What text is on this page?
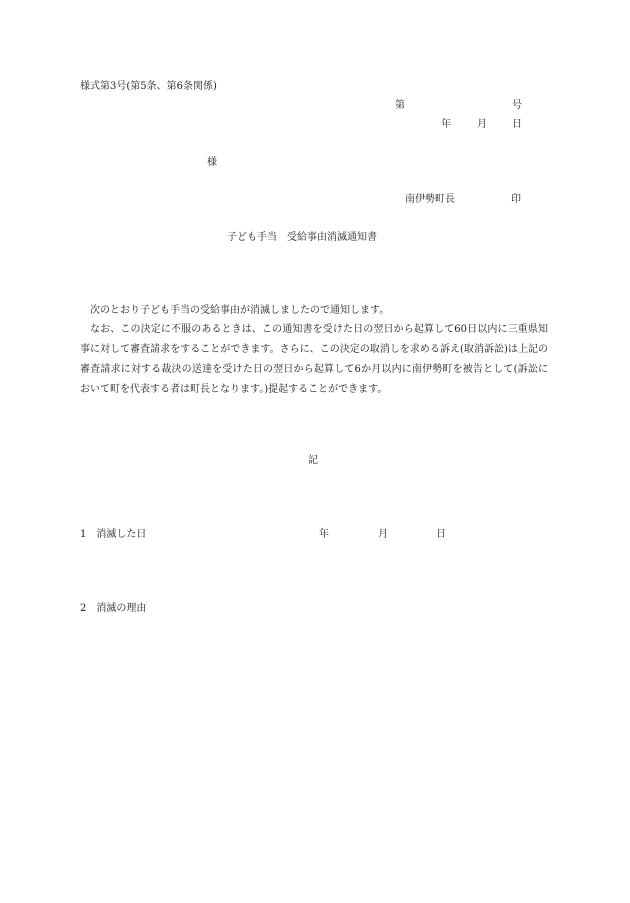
様式第3号(第5条、第6条関係)
第	号
年	月	日
様
南伊勢町長	印
子ども手当　受給事由消滅通知書
次のとおり子ども手当の受給事由が消滅しましたので通知します。
なお、この決定に不服のあるときは、この通知書を受けた日の翌日から起算して60日以内に三重県知事に対して審査請求をすることができます。さらに、この決定の取消しを求める訴え(取消訴訟)は上記の審査請求に対する裁決の送達を受けた日の翌日から起算して6か月以内に南伊勢町を被告として(訴訟において町を代表する者は町長となります。)提起することができます。
記
1　消滅した日	年	月	日
2　消滅の理由
